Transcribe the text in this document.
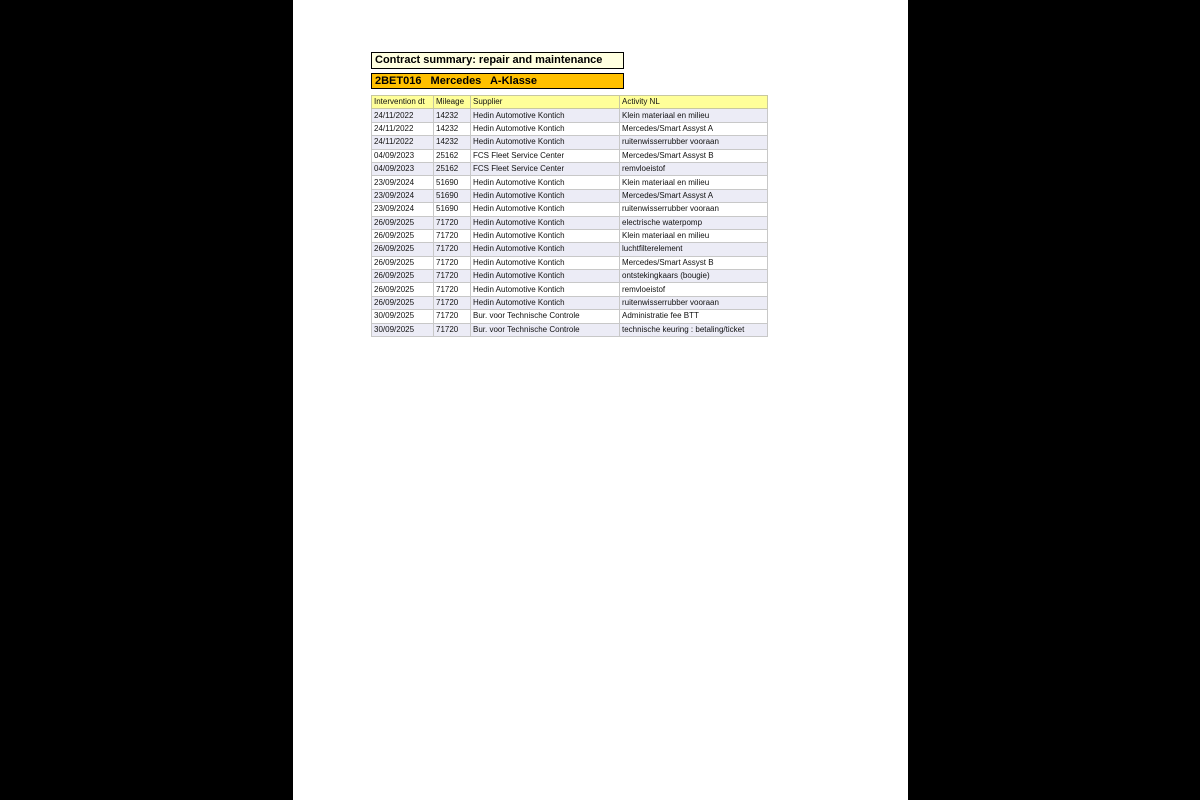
Contract summary: repair and maintenance
2BET016 Mercedes A-Klasse
Intervention dt	Mileage	Supplier	Activity NL
24/11/2022	14232	Hedin Automotive Kontich	Klein materiaal en milieu
24/11/2022	14232	Hedin Automotive Kontich	Mercedes/Smart Assyst A
24/11/2022	14232	Hedin Automotive Kontich	ruitenwisserrubber vooraan
04/09/2023	25162	FCS Fleet Service Center	Mercedes/Smart Assyst B
04/09/2023	25162	FCS Fleet Service Center	remvloeistof
23/09/2024	51690	Hedin Automotive Kontich	Klein materiaal en milieu
23/09/2024	51690	Hedin Automotive Kontich	Mercedes/Smart Assyst A
23/09/2024	51690	Hedin Automotive Kontich	ruitenwisserrubber vooraan
26/09/2025	71720	Hedin Automotive Kontich	electrische waterpomp
26/09/2025	71720	Hedin Automotive Kontich	Klein materiaal en milieu
26/09/2025	71720	Hedin Automotive Kontich	luchtfilterelement
26/09/2025	71720	Hedin Automotive Kontich	Mercedes/Smart Assyst B
26/09/2025	71720	Hedin Automotive Kontich	ontstekingkaars (bougie)
26/09/2025	71720	Hedin Automotive Kontich	remvloeistof
26/09/2025	71720	Hedin Automotive Kontich	ruitenwisserrubber vooraan
30/09/2025	71720	Bur. voor Technische Controle	Administratie fee BTT
30/09/2025	71720	Bur. voor Technische Controle	technische keuring : betaling/ticket
